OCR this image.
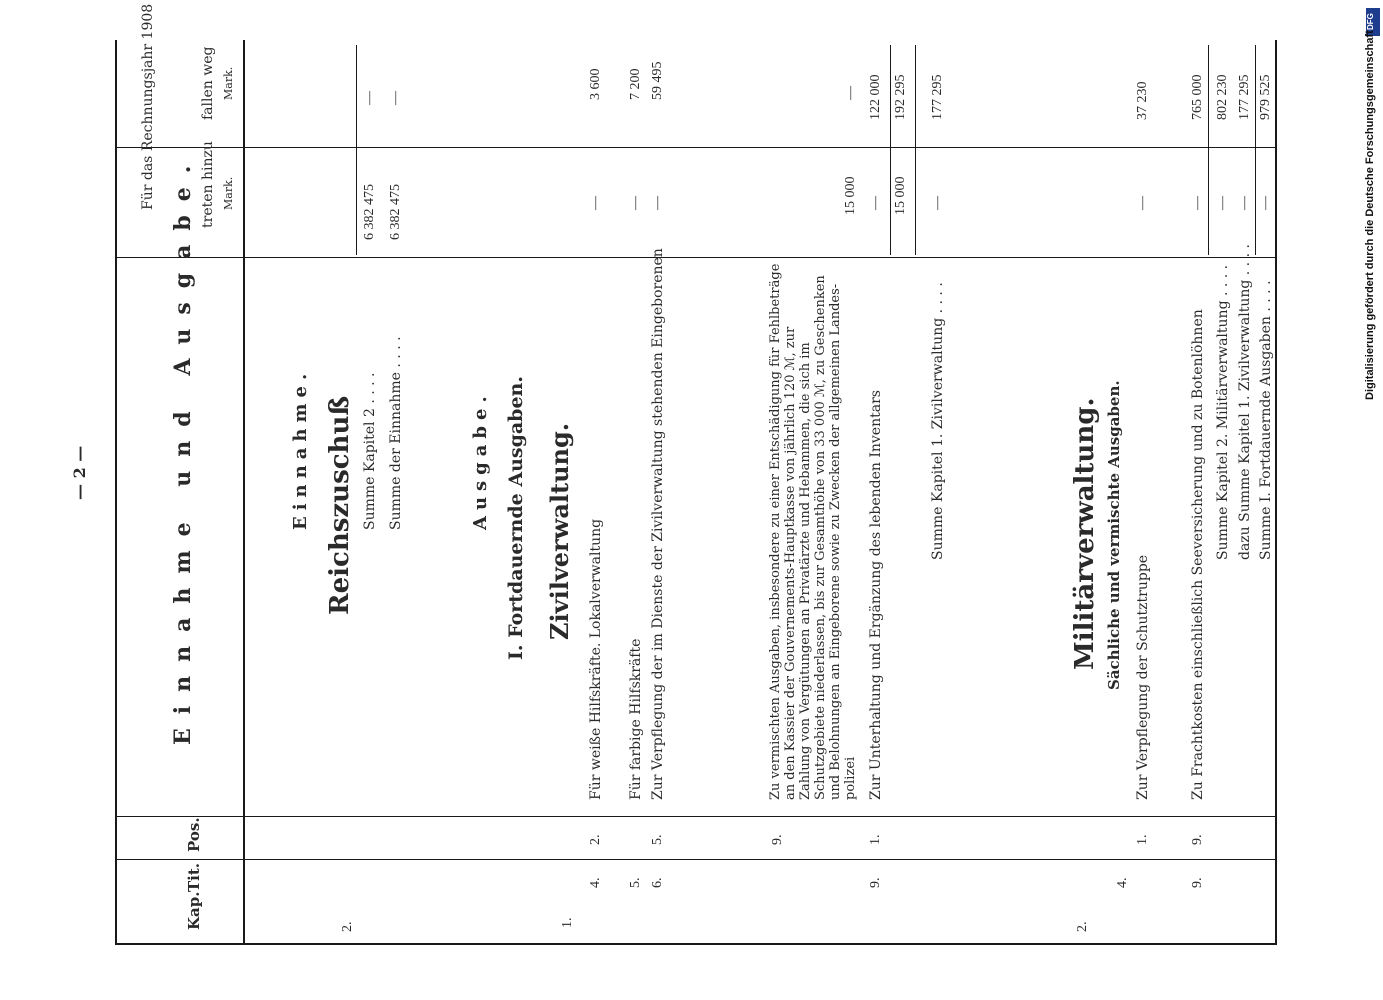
— 2 —
Kap.
Tit.
Pos.
Einnahme und Ausgabe.
Für das Rechnungsjahr 1908	treten hinzu
fallen weg
Mark.
Mark.
Einnahme. Reichszuschuß
2.
Summe Kapitel 2 . . . .
6 382 475
—
Summe der Einnahme . . . .
6 382 475
—
Ausgabe. I. Fortdauernde Ausgaben. Zivilverwaltung.
1.
4.
2.
Für weiße Hilfskräfte. Lokalverwaltung
—
3 600
5.
Für farbige Hilfskräfte
—
7 200
6.
5.
Zur Verpflegung der im Dienste der Zivilverwaltung stehenden Eingeborenen
—
59 495
9.
Zu vermischten Ausgaben, insbesondere zu einer Entschädigung für Fehlbeträge an den Kassier der Gouvernements-Hauptkasse von jährlich 120 ℳ, zur Zahlung von Vergütungen an Privatärzte und Hebammen, die sich im Schutzgebiete niederlassen, bis zur Gesamthöhe von 33 000 ℳ, zu Geschenken und Belohnungen an Eingeborene sowie zu Zwecken der allgemeinen Landes- polizei
15 000
—
9.
1.
Zur Unterhaltung und Ergänzung des lebenden Inventars
—
122 000
15 000
192 295
Summe Kapitel 1. Zivilverwaltung . . . .
—
177 295
Militärverwaltung. Sächliche und vermischte Ausgaben.
2.
4.
1.
Zur Verpflegung der Schutztruppe
—
37 230
9.
9.
Zu Frachtkosten einschließlich Seeversicherung und zu Botenlöhnen
—
765 000
Summe Kapitel 2. Militärverwaltung . . . .
—
802 230
dazu Summe Kapitel 1. Zivilverwaltung . . . .
—
177 295
Summe I. Fortdauernde Ausgaben . . . .
—
979 525
DFG
Digitalisierung gefördert durch die Deutsche Forschungsgemeinschaft
